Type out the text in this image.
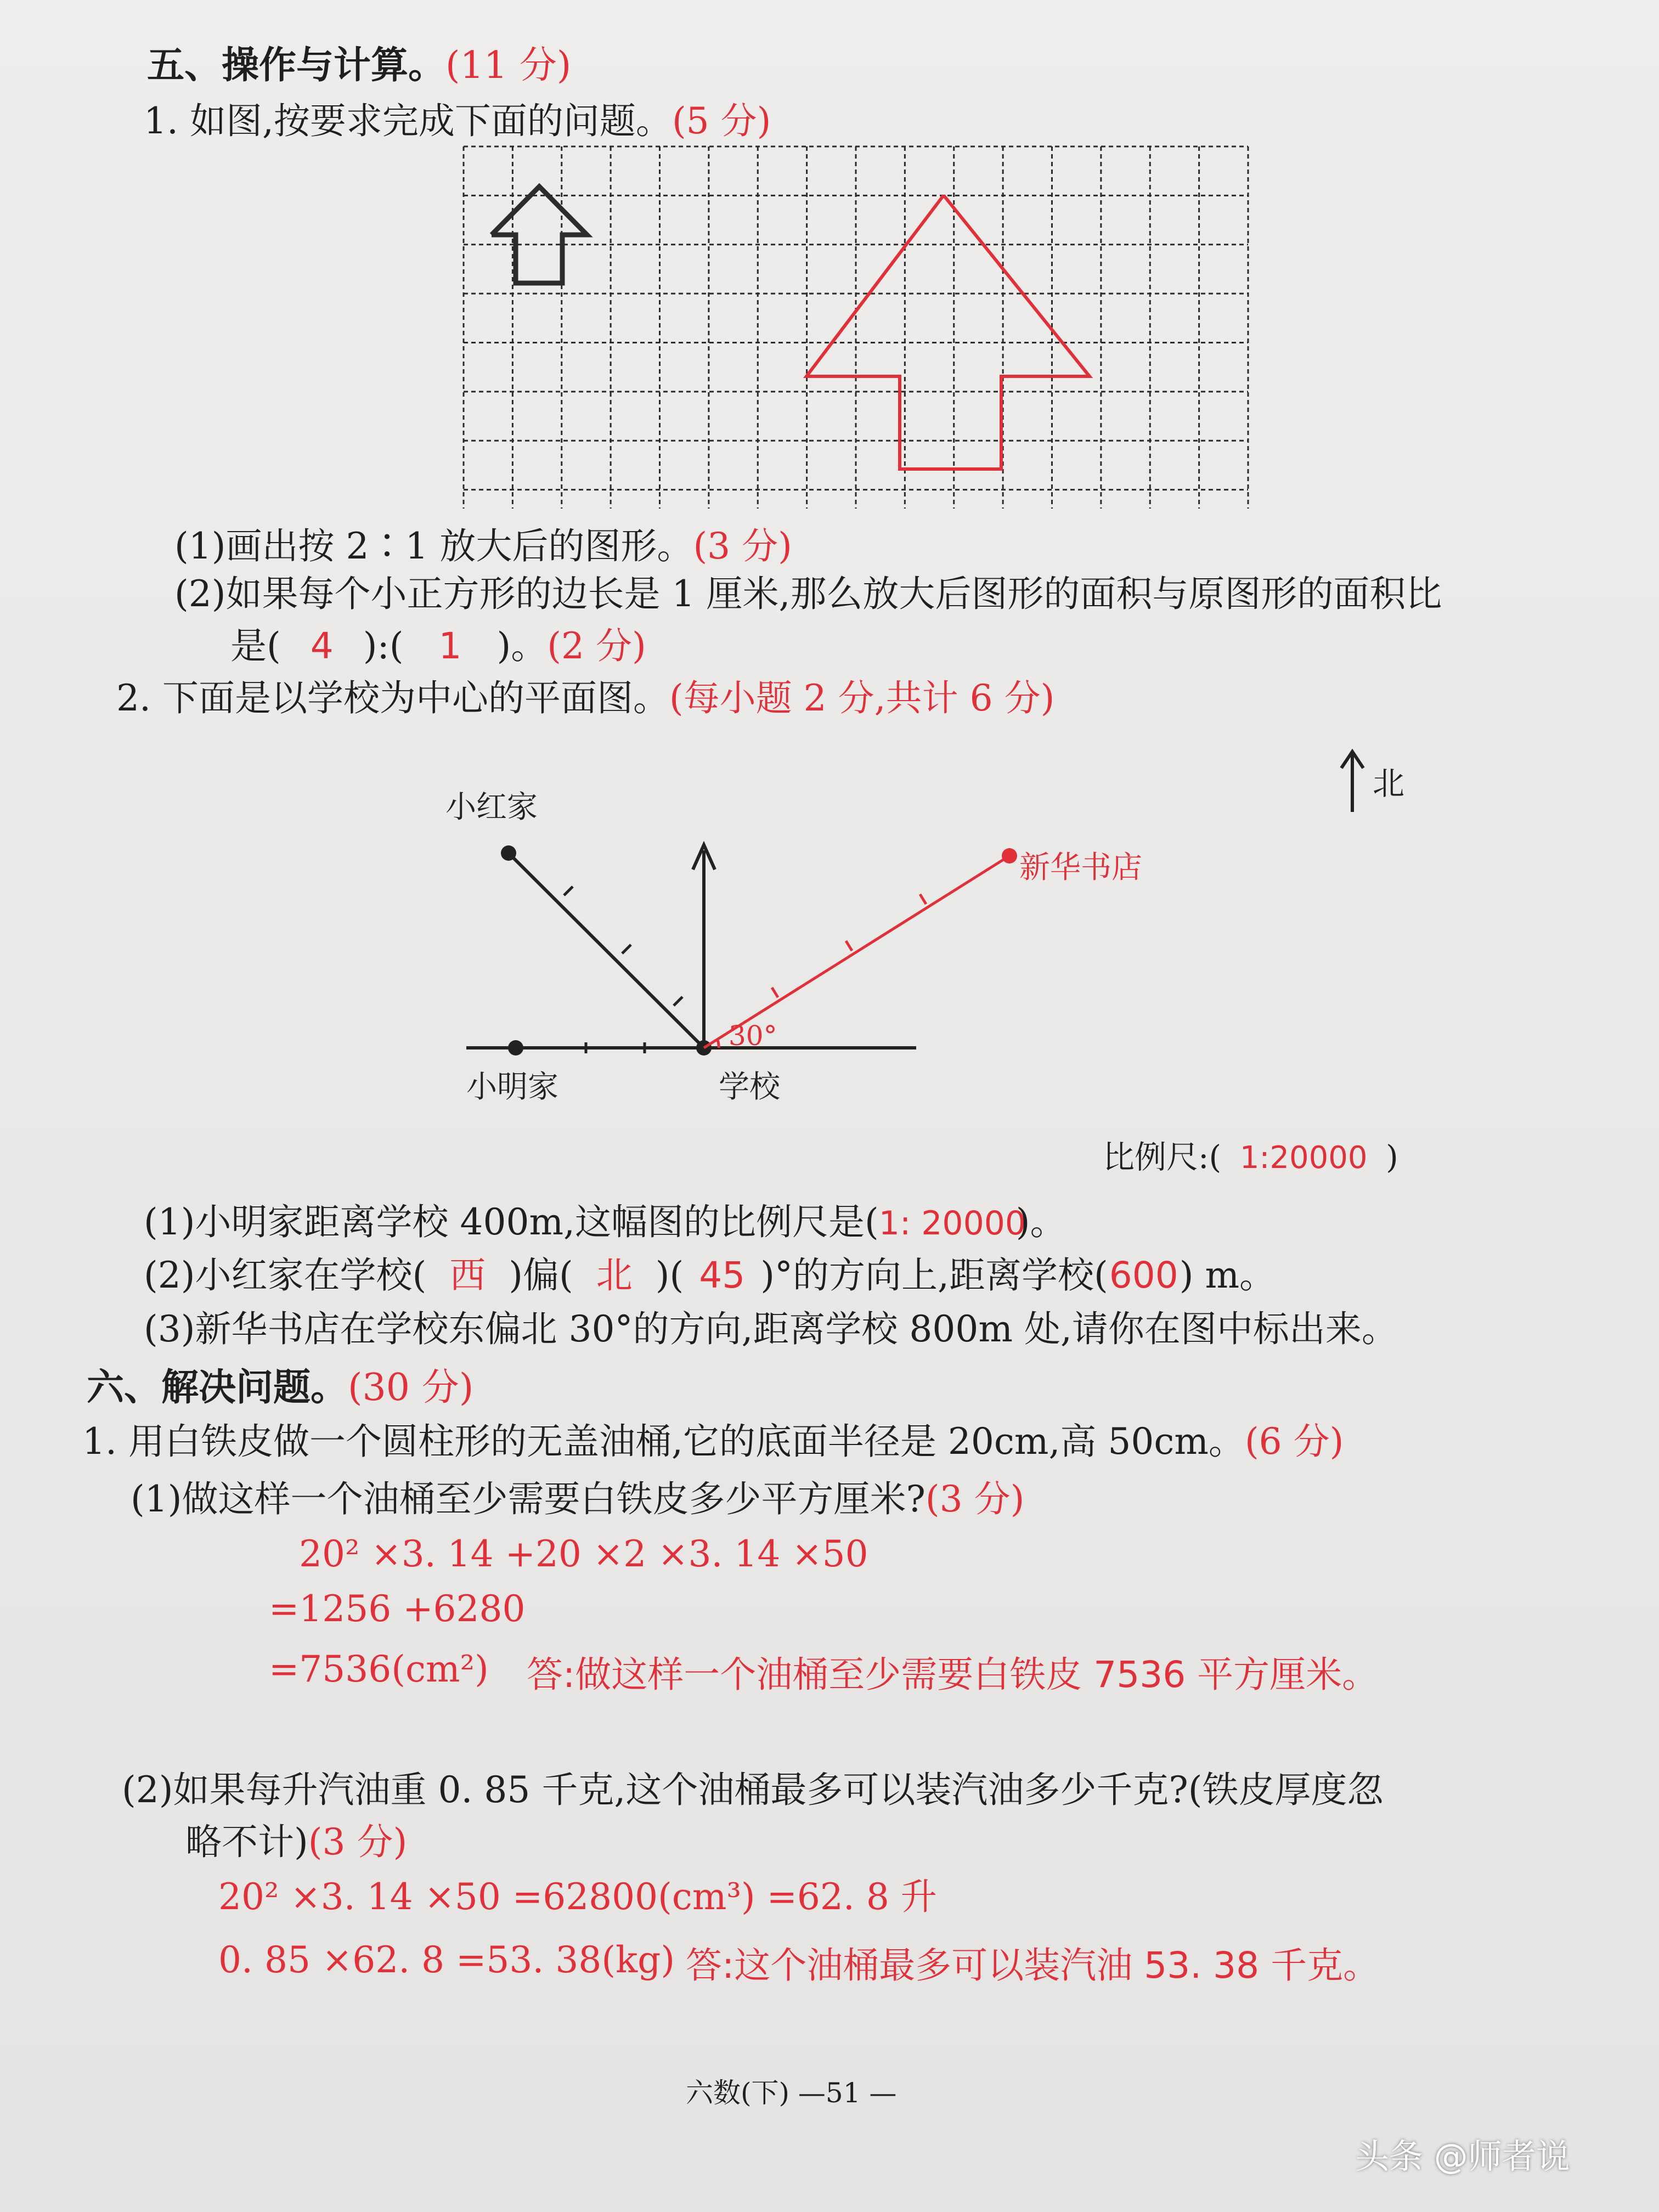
五、操作与计算。(11 分)
1. 如图,按要求完成下面的问题。(5 分)
(1)画出按 2∶1 放大后的图形。(3 分)
(2)如果每个小正方形的边长是 1 厘米,那么放大后图形的面积与原图形的面积比
是( 4 ):( 1 )。(2 分)
2. 下面是以学校为中心的平面图。(每小题 2 分,共计 6 分)
北
小红家
小明家	学校
新华书店
30°
比例尺:( 1:20000 )
(1)小明家距离学校 400m,这幅图的比例尺是(1: 20000)。
(2)小红家在学校( 西 )偏( 北 )( 45 )°的方向上,距离学校(600) m。
(3)新华书店在学校东偏北 30°的方向,距离学校 800m 处,请你在图中标出来。
六、解决问题。(30 分)
1. 用白铁皮做一个圆柱形的无盖油桶,它的底面半径是 20cm,高 50cm。(6 分)
(1)做这样一个油桶至少需要白铁皮多少平方厘米?(3 分)
20² ×3. 14 +20 ×2 ×3. 14 ×50
=1256 +6280
=7536(cm²) 答:做这样一个油桶至少需要白铁皮 7536 平方厘米。
(2)如果每升汽油重 0. 85 千克,这个油桶最多可以装汽油多少千克?(铁皮厚度忽
略不计)(3 分)
20² ×3. 14 ×50 =62800(cm³) =62. 8 升
0. 85 ×62. 8 =53. 38(kg) 答:这个油桶最多可以装汽油 53. 38 千克。
六数(下) —51 —
头条 @师者说
